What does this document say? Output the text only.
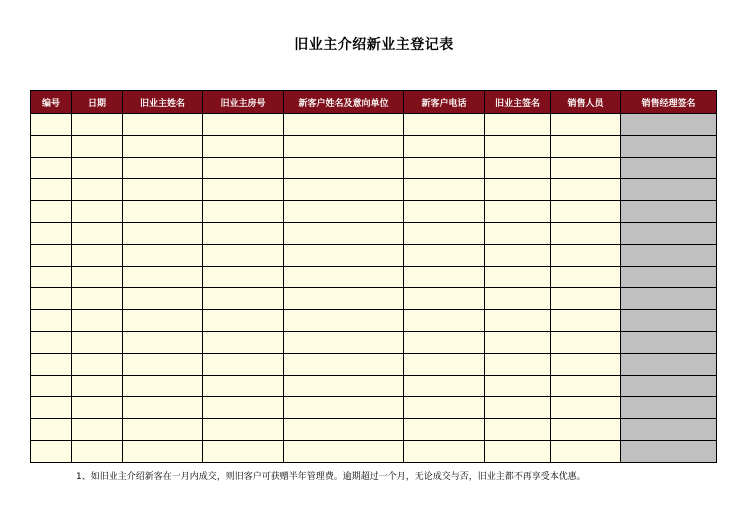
旧业主介绍新业主登记表
编号	日期	旧业主姓名	旧业主房号	新客户姓名及意向单位	新客户电话	旧业主签名	销售人员	销售经理签名

1、如旧业主介绍新客在一月内成交，则旧客户可获赠半年管理费。逾期超过一个月，无论成交与否，旧业主都不再享受本优惠。
